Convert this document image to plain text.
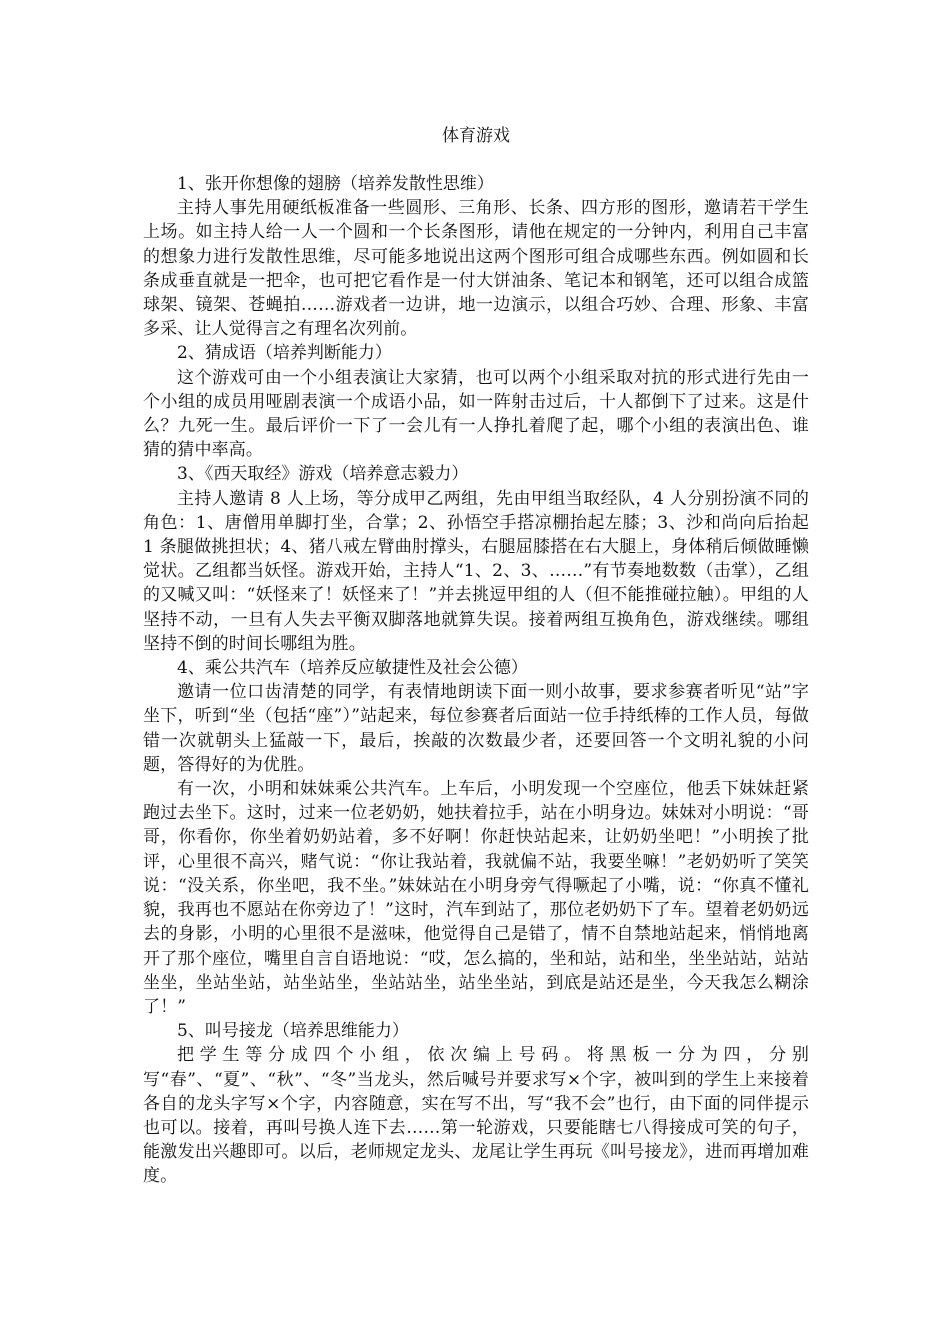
体育游戏

1、张开你想像的翅膀（培养发散性思维）

主持人事先用硬纸板准备一些圆形、三角形、长条、四方形的图形，邀请若干学生上场。如主持人给一人一个圆和一个长条图形，请他在规定的一分钟内，利用自己丰富的想象力进行发散性思维，尽可能多地说出这两个图形可组合成哪些东西。例如圆和长条成垂直就是一把伞，也可把它看作是一付大饼油条、笔记本和钢笔，还可以组合成篮球架、镜架、苍蝇拍……游戏者一边讲，地一边演示，以组合巧妙、合理、形象、丰富多采、让人觉得言之有理名次列前。

2、猜成语（培养判断能力）

这个游戏可由一个小组表演让大家猜，也可以两个小组采取对抗的形式进行先由一个小组的成员用哑剧表演一个成语小品，如一阵射击过后，十人都倒下了过来。这是什么？九死一生。最后评价一下了一会儿有一人挣扎着爬了起，哪个小组的表演出色、谁猜的猜中率高。

3、《西天取经》游戏（培养意志毅力）

主持人邀请 8 人上场，等分成甲乙两组，先由甲组当取经队，4 人分别扮演不同的角色：1、唐僧用单脚打坐，合掌；2、孙悟空手搭凉棚抬起左膝；3、沙和尚向后抬起 1 条腿做挑担状；4、猪八戒左臂曲肘撑头，右腿屈膝搭在右大腿上，身体稍后倾做睡懒觉状。乙组都当妖怪。游戏开始，主持人“1、2、3、……”有节奏地数数（击掌），乙组的又喊又叫：“妖怪来了！妖怪来了！”并去挑逗甲组的人（但不能推碰拉触）。甲组的人坚持不动，一旦有人失去平衡双脚落地就算失误。接着两组互换角色，游戏继续。哪组坚持不倒的时间长哪组为胜。

4、乘公共汽车（培养反应敏捷性及社会公德）

邀请一位口齿清楚的同学，有表情地朗读下面一则小故事，要求参赛者听见“站”字坐下，听到“坐（包括“座”）”站起来，每位参赛者后面站一位手持纸棒的工作人员，每做错一次就朝头上猛敲一下，最后，挨敲的次数最少者，还要回答一个文明礼貌的小问题，答得好的为优胜。

有一次，小明和妹妹乘公共汽车。上车后，小明发现一个空座位，他丢下妹妹赶紧跑过去坐下。这时，过来一位老奶奶，她扶着拉手，站在小明身边。妹妹对小明说：“哥哥，你看你，你坐着奶奶站着，多不好啊！你赶快站起来，让奶奶坐吧！”小明挨了批评，心里很不高兴，赌气说：“你让我站着，我就偏不站，我要坐嘛！”老奶奶听了笑笑说：“没关系，你坐吧，我不坐。”妹妹站在小明身旁气得噘起了小嘴，说：“你真不懂礼貌，我再也不愿站在你旁边了！”这时，汽车到站了，那位老奶奶下了车。望着老奶奶远去的身影，小明的心里很不是滋味，他觉得自己是错了，情不自禁地站起来，悄悄地离开了那个座位，嘴里自言自语地说：“哎，怎么搞的，坐和站，站和坐，坐坐站站，站站坐坐，坐站坐站，站坐站坐，坐站站坐，站坐坐站，到底是站还是坐，今天我怎么糊涂了！”

5、叫号接龙（培养思维能力）

把学生等分成四个小组，依次编上号码。将黑板一分为四，分别写“春”、“夏”、“秋”、“冬”当龙头，然后喊号并要求写×个字，被叫到的学生上来接着各自的龙头字写×个字，内容随意，实在写不出，写“我不会”也行，由下面的同伴提示也可以。接着，再叫号换人连下去……第一轮游戏，只要能瞎七八得接成可笑的句子，能激发出兴趣即可。以后，老师规定龙头、龙尾让学生再玩《叫号接龙》，进而再增加难度。
